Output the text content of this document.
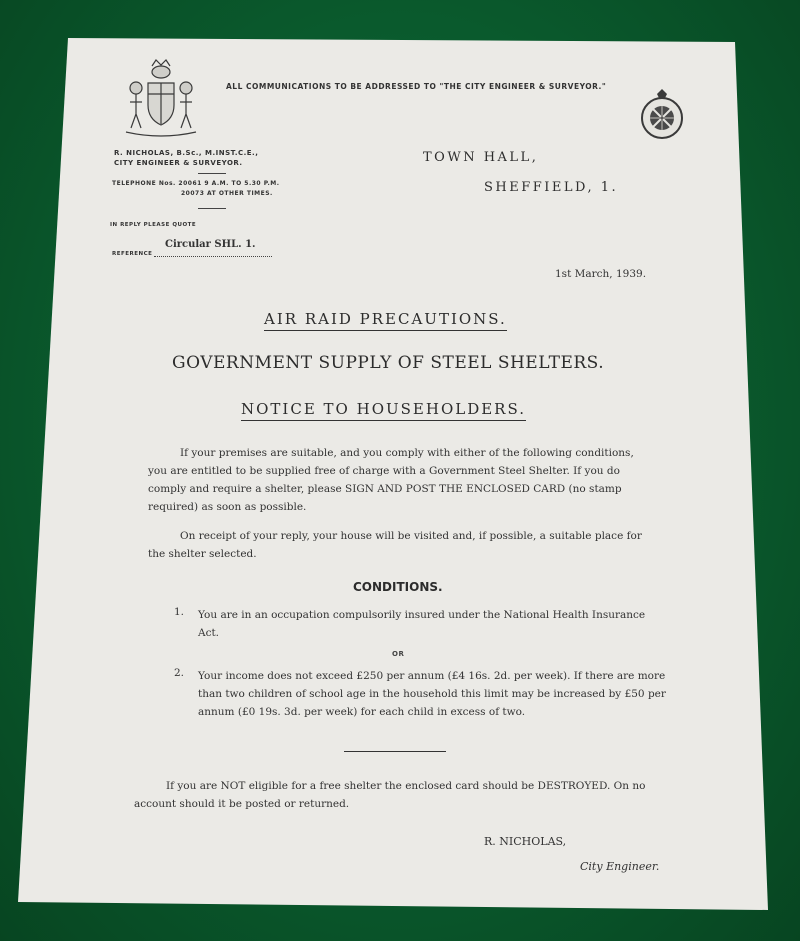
ALL COMMUNICATIONS TO BE ADDRESSED TO "THE CITY ENGINEER & SURVEYOR."
R. NICHOLAS, B.Sc., M.INST.C.E.,
CITY ENGINEER & SURVEYOR.
TELEPHONE Nos. 20061 9 A.M. TO 5.30 P.M.
20073 AT OTHER TIMES.
IN REPLY PLEASE QUOTE
Circular SHL. 1.
REFERENCE
TOWN HALL,
SHEFFIELD, 1.
1st March, 1939.
AIR RAID PRECAUTIONS.
GOVERNMENT SUPPLY OF STEEL SHELTERS.
NOTICE TO HOUSEHOLDERS.
If your premises are suitable, and you comply with either of the following conditions, you are entitled to be supplied free of charge with a Government Steel Shelter. If you do comply and require a shelter, please SIGN AND POST THE ENCLOSED CARD (no stamp required) as soon as possible.
On receipt of your reply, your house will be visited and, if possible, a suitable place for the shelter selected.
CONDITIONS.
1. You are in an occupation compulsorily insured under the National Health Insurance Act.
OR
2. Your income does not exceed £250 per annum (£4 16s. 2d. per week). If there are more than two children of school age in the household this limit may be increased by £50 per annum (£0 19s. 3d. per week) for each child in excess of two.
If you are NOT eligible for a free shelter the enclosed card should be DESTROYED. On no account should it be posted or returned.
R. NICHOLAS,
City Engineer.
